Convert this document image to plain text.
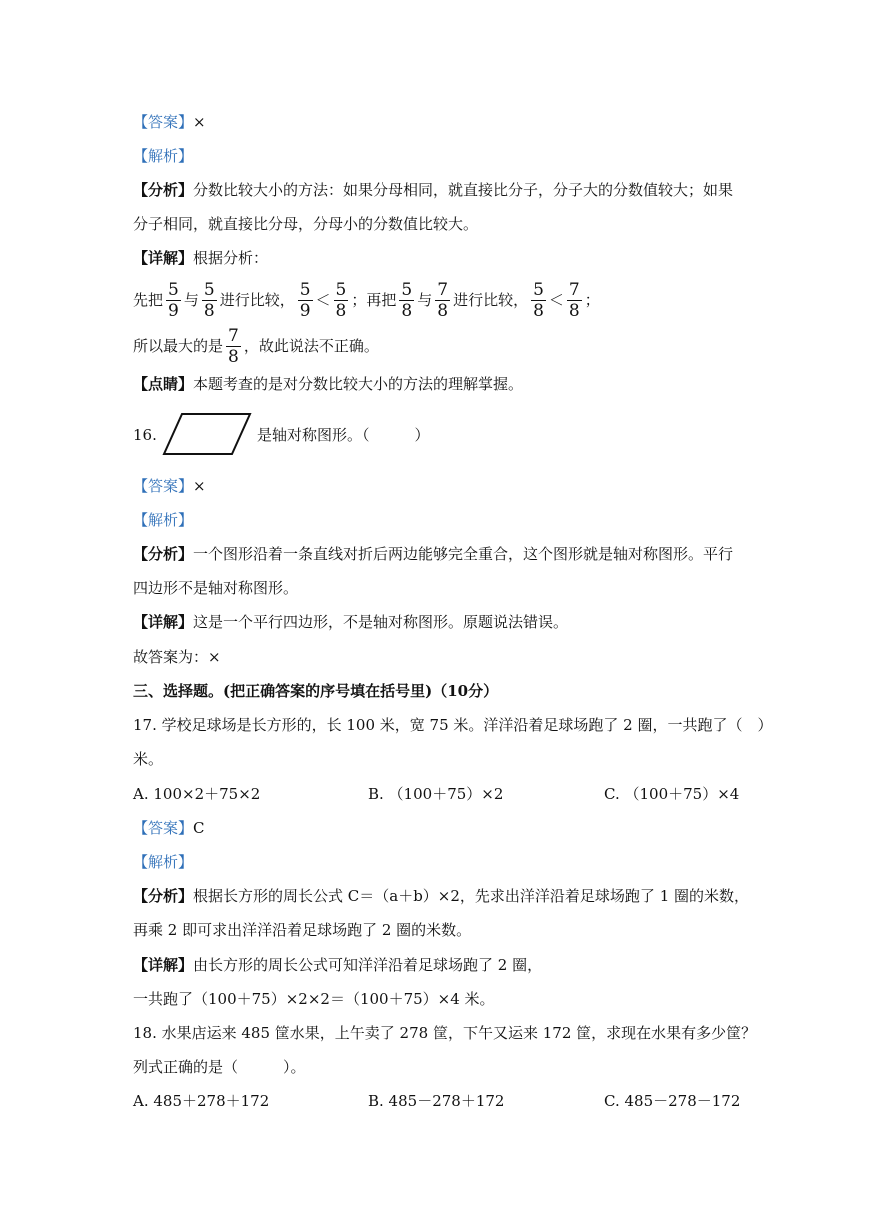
【答案】×
【解析】
【分析】分数比较大小的方法：如果分母相同，就直接比分子，分子大的分数值较大；如果
分子相同，就直接比分母，分母小的分数值比较大。
【详解】根据分析：
先把 $\frac{5}{9}$ 与 $\frac{5}{8}$ 进行比较， $\frac{5}{9} < \frac{5}{8}$ ；再把 $\frac{5}{8}$ 与 $\frac{7}{8}$ 进行比较， $\frac{5}{8} < \frac{7}{8}$ ；
所以最大的是 $\frac{7}{8}$ ，故此说法不正确。
【点睛】本题考查的是对分数比较大小的方法的理解掌握。
16.	是轴对称图形。（　　　）
【答案】×
【解析】
【分析】一个图形沿着一条直线对折后两边能够完全重合，这个图形就是轴对称图形。平行
四边形不是轴对称图形。
【详解】这是一个平行四边形，不是轴对称图形。原题说法错误。
故答案为：×
三、选择题。(把正确答案的序号填在括号里)（10分）
17. 学校足球场是长方形的，长 100 米，宽 75 米。洋洋沿着足球场跑了 2 圈，一共跑了（　）
米。
A. 100×2＋75×2	B. （100＋75）×2	C. （100＋75）×4
【答案】C
【解析】
【分析】根据长方形的周长公式 C＝（a＋b）×2，先求出洋洋沿着足球场跑了 1 圈的米数，
再乘 2 即可求出洋洋沿着足球场跑了 2 圈的米数。
【详解】由长方形的周长公式可知洋洋沿着足球场跑了 2 圈，
一共跑了（100＋75）×2×2＝（100＋75）×4 米。
18. 水果店运来 485 筐水果，上午卖了 278 筐，下午又运来 172 筐，求现在水果有多少筐？
列式正确的是（　　　）。
A. 485＋278＋172	B. 485－278＋172	C. 485－278－172
